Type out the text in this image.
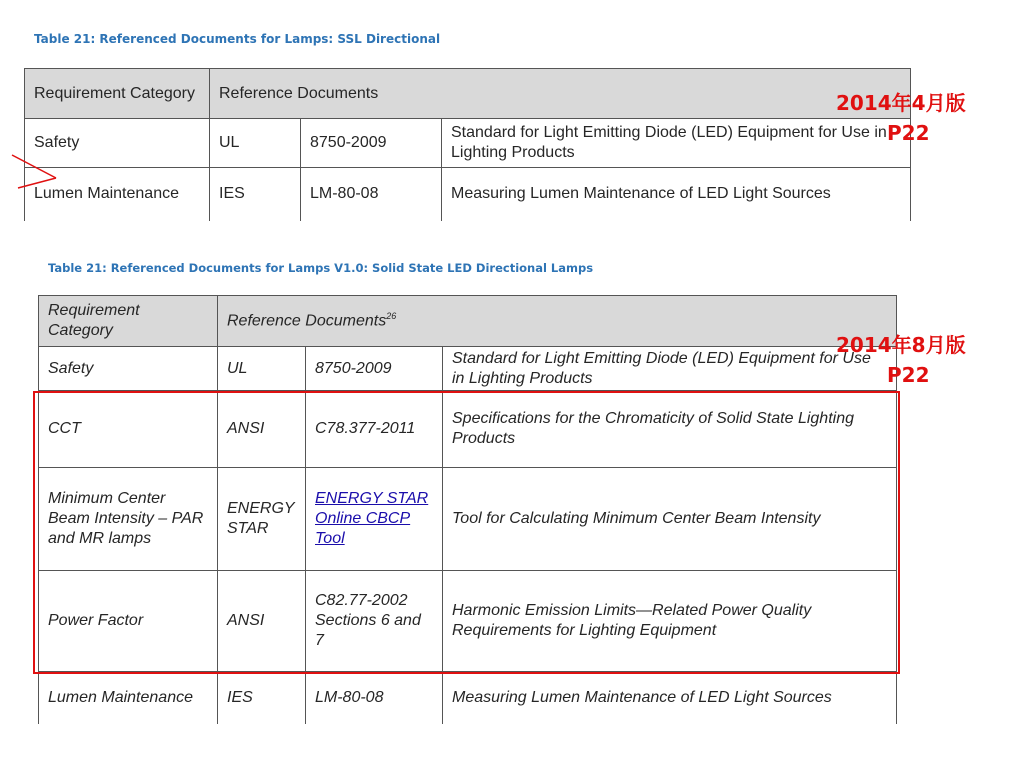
Table 21: Referenced Documents for Lamps: SSL Directional
Requirement Category	Reference Documents		
Safety	UL	8750-2009	Standard for Light Emitting Diode (LED) Equipment for Use in Lighting Products
Lumen Maintenance	IES	LM-80-08	Measuring Lumen Maintenance of LED Light Sources
Table 21: Referenced Documents for Lamps V1.0: Solid State LED Directional Lamps
Requirement Category	Reference Documents$^{26}$
Safety	UL	8750-2009	Standard for Light Emitting Diode (LED) Equipment for Use in Lighting Products
CCT	ANSI	C78.377-2011	Specifications for the Chromaticity of Solid State Lighting Products
Minimum Center Beam Intensity – PAR and MR lamps	ENERGY STAR	ENERGY STAR Online CBCP Tool	Tool for Calculating Minimum Center Beam Intensity
Power Factor	ANSI	C82.77-2002 Sections 6 and 7	Harmonic Emission Limits—Related Power Quality Requirements for Lighting Equipment
Lumen Maintenance	IES	LM-80-08	Measuring Lumen Maintenance of LED Light Sources
2014年4月版
P22
2014年8月版
P22
